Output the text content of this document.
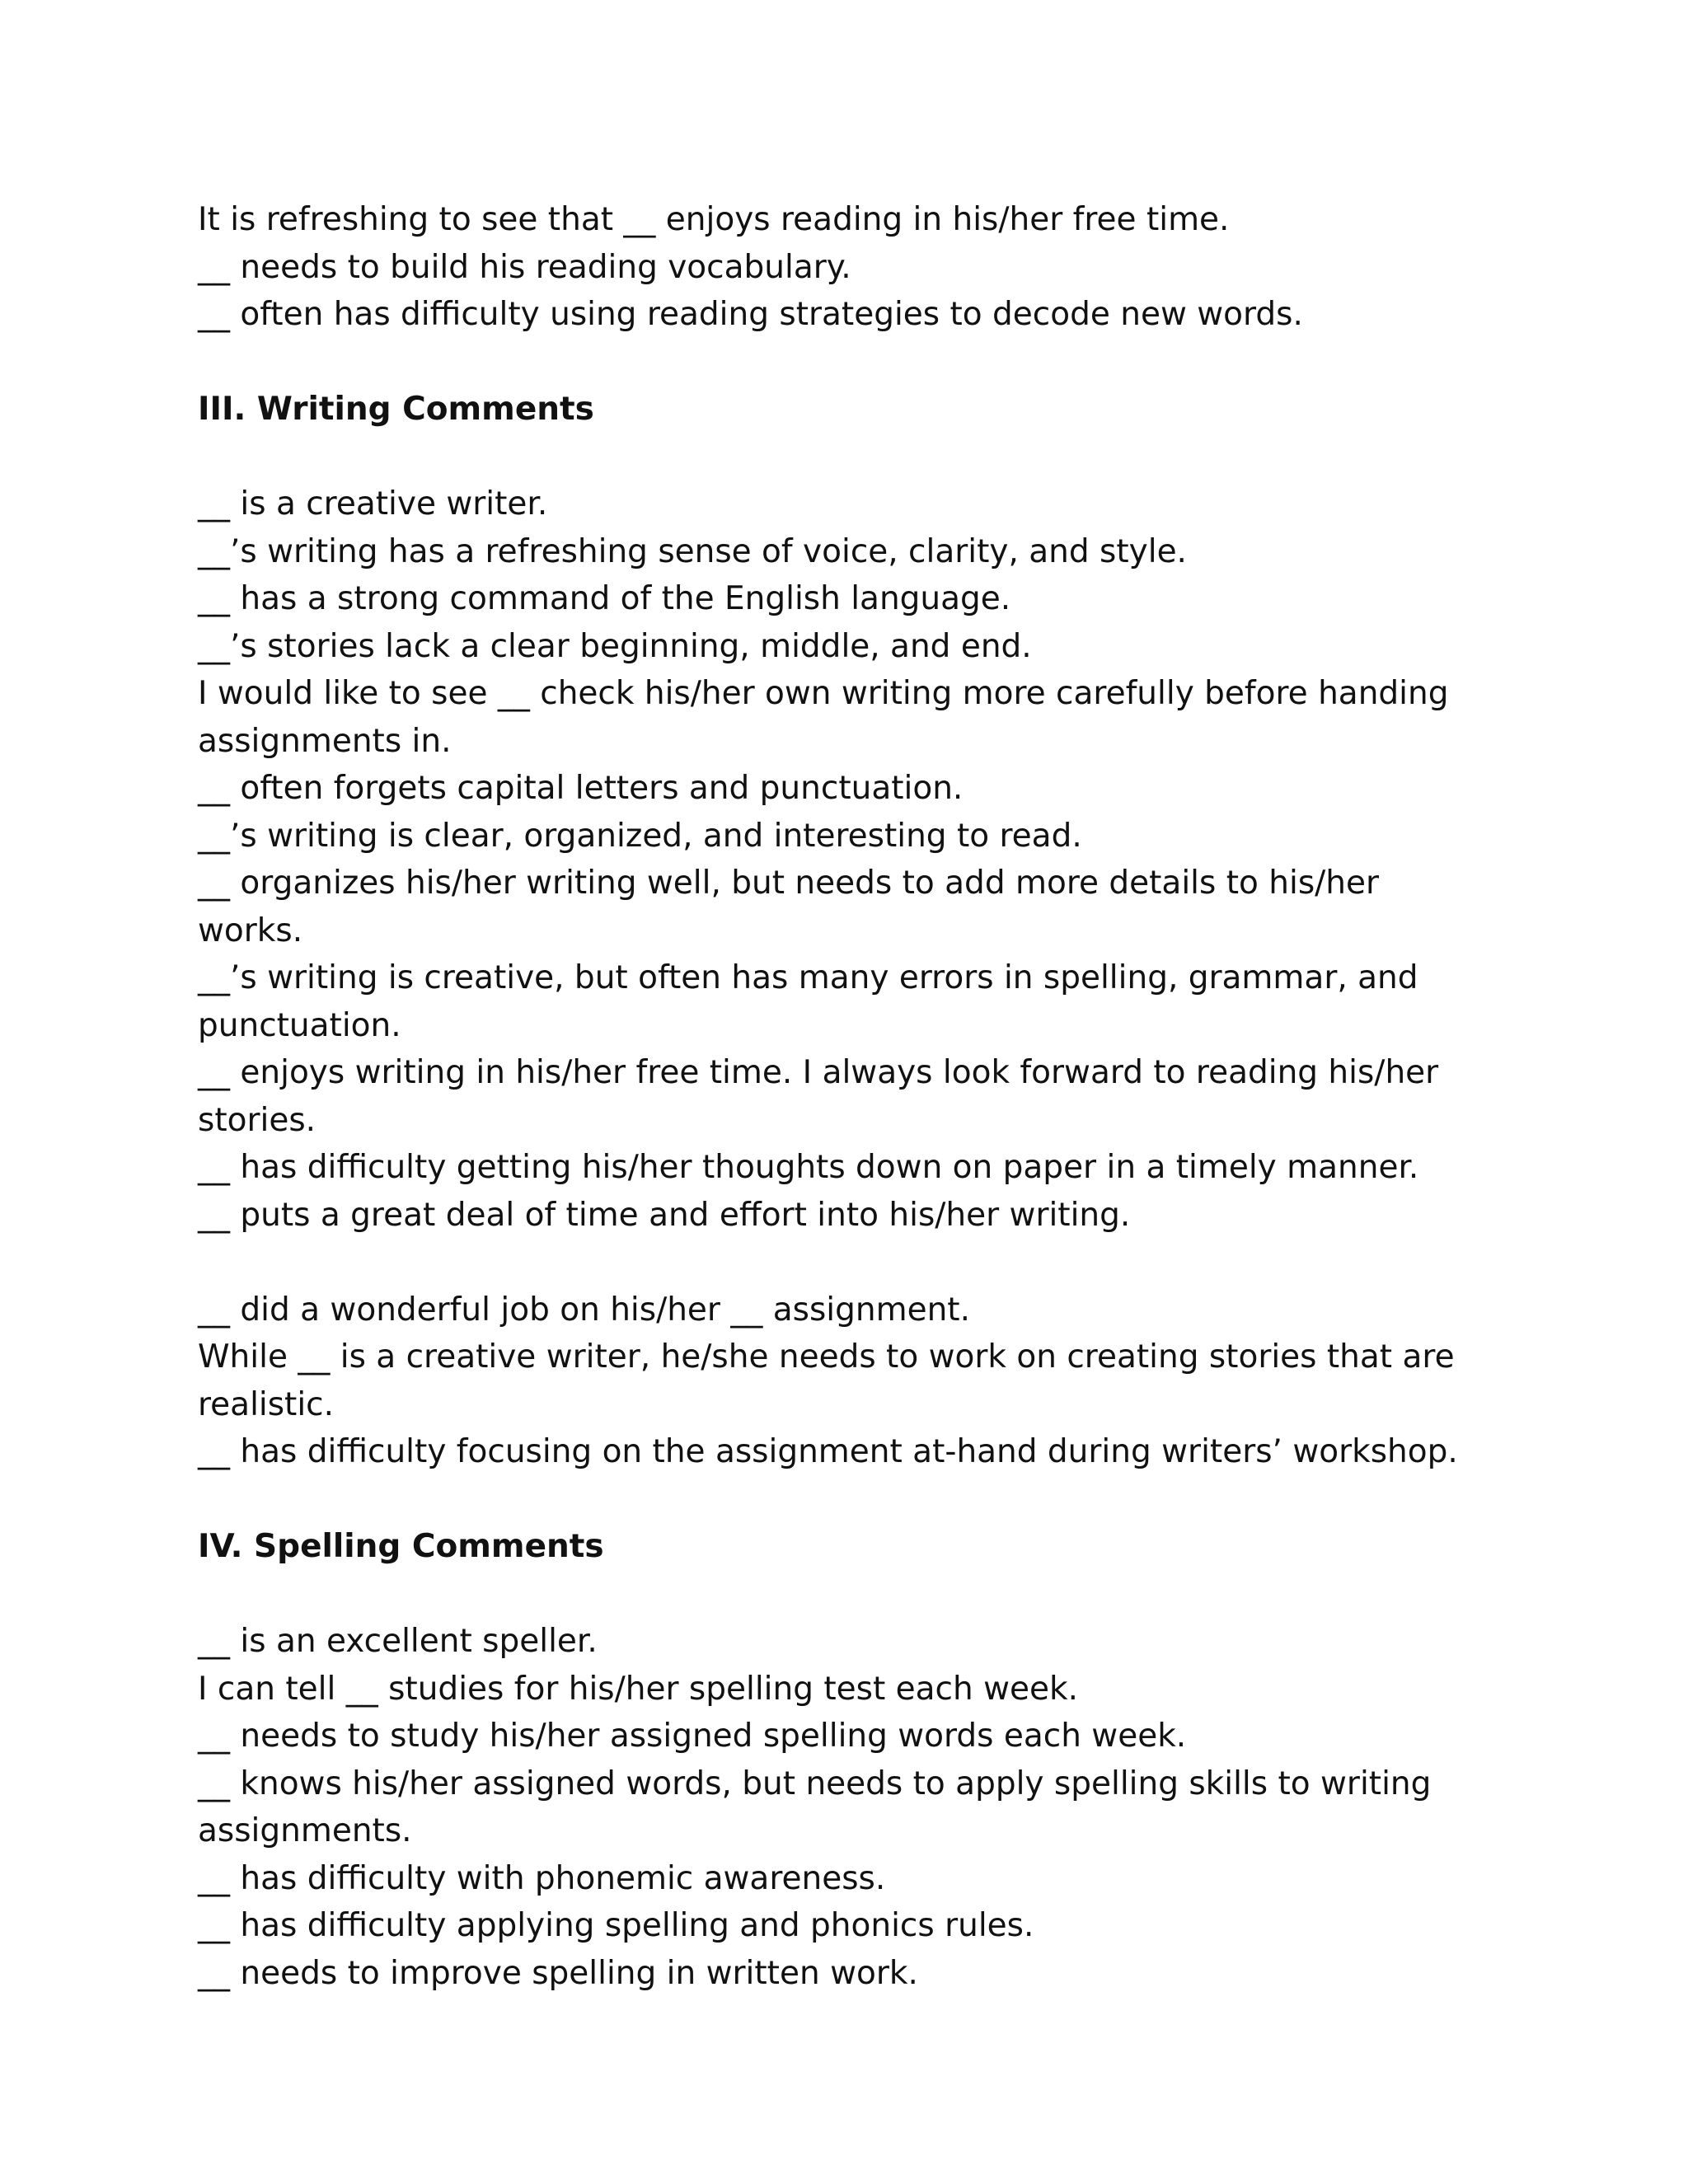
It is refreshing to see that __ enjoys reading in his/her free time.

__ needs to build his reading vocabulary.

__ often has difficulty using reading strategies to decode new words.

III. Writing Comments

__ is a creative writer.

__’s writing has a refreshing sense of voice, clarity, and style.

__ has a strong command of the English language.

__’s stories lack a clear beginning, middle, and end.

I would like to see __ check his/her own writing more carefully before handing assignments in.

__ often forgets capital letters and punctuation.

__’s writing is clear, organized, and interesting to read.

__ organizes his/her writing well, but needs to add more details to his/her works.

__’s writing is creative, but often has many errors in spelling, grammar, and punctuation.

__ enjoys writing in his/her free time. I always look forward to reading his/her stories.

__ has difficulty getting his/her thoughts down on paper in a timely manner.

__ puts a great deal of time and effort into his/her writing.

__ did a wonderful job on his/her __ assignment.

While __ is a creative writer, he/she needs to work on creating stories that are realistic.

__ has difficulty focusing on the assignment at-hand during writers’ workshop.

IV. Spelling Comments

__ is an excellent speller.

I can tell __ studies for his/her spelling test each week.

__ needs to study his/her assigned spelling words each week.

__ knows his/her assigned words, but needs to apply spelling skills to writing assignments.

__ has difficulty with phonemic awareness.

__ has difficulty applying spelling and phonics rules.

__ needs to improve spelling in written work.
